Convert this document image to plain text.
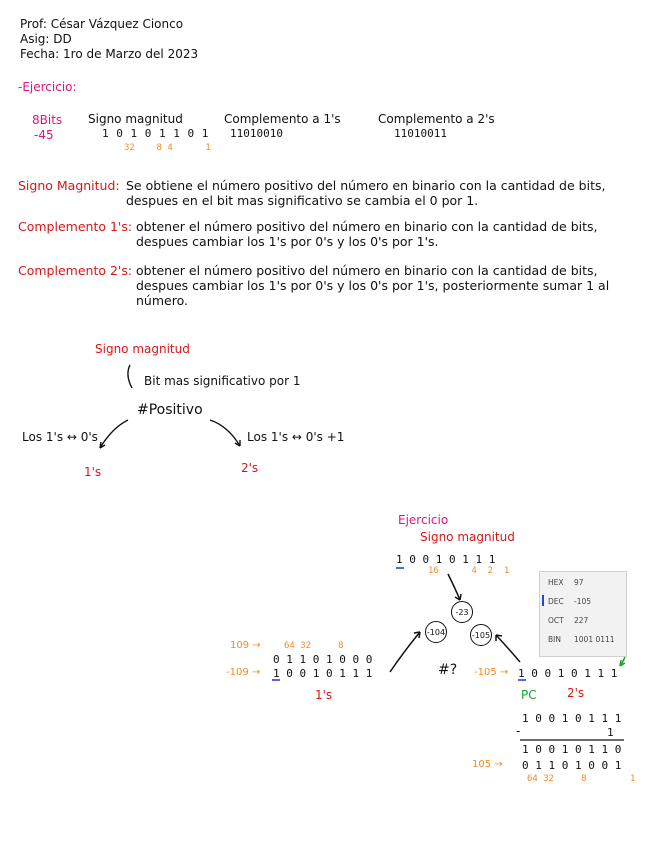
Prof: César Vázquez Cionco
Asig: DD
Fecha: 1ro de Marzo del 2023
-Ejercicio:
8Bits
-45
Signo magnitud
1 0 1 0 1 1 0 1
32    8 4      1
Complemento a 1's
11010010
Complemento a 2's
11010011
Signo Magnitud: Se obtiene el número positivo del número en binario con la cantidad de bits, despues en el bit mas significativo se cambia el 0 por 1.
Complemento 1's: obtener el número positivo del número en binario con la cantidad de bits, despues cambiar los 1's por 0's y los 0's por 1's.
Complemento 2's: obtener el número positivo del número en binario con la cantidad de bits, despues cambiar los 1's por 0's y los 0's por 1's, posteriormente sumar 1 al número.
Signo magnitud
Bit mas significativo por 1
#Positivo
Los 1's ↔ 0's	Los 1's ↔ 0's +1
1's	2's
Ejercicio
Signo magnitud
1 0 0 1 0 1 1 1
16      4  2  1
-23
-104	-105
#?
109 →	64 32     8
0 1 1 0 1 0 0 0
-109 → 1 0 0 1 0 1 1 1
1's
-105 → 1 0 0 1 0 1 1 1
PC	2's
1 0 0 1 0 1 1 1
-	1
1 0 0 1 0 1 1 0
105 → 0 1 1 0 1 0 0 1
64 32     8        1
HEX 97
DEC -105
OCT 227
BIN 1001 0111
